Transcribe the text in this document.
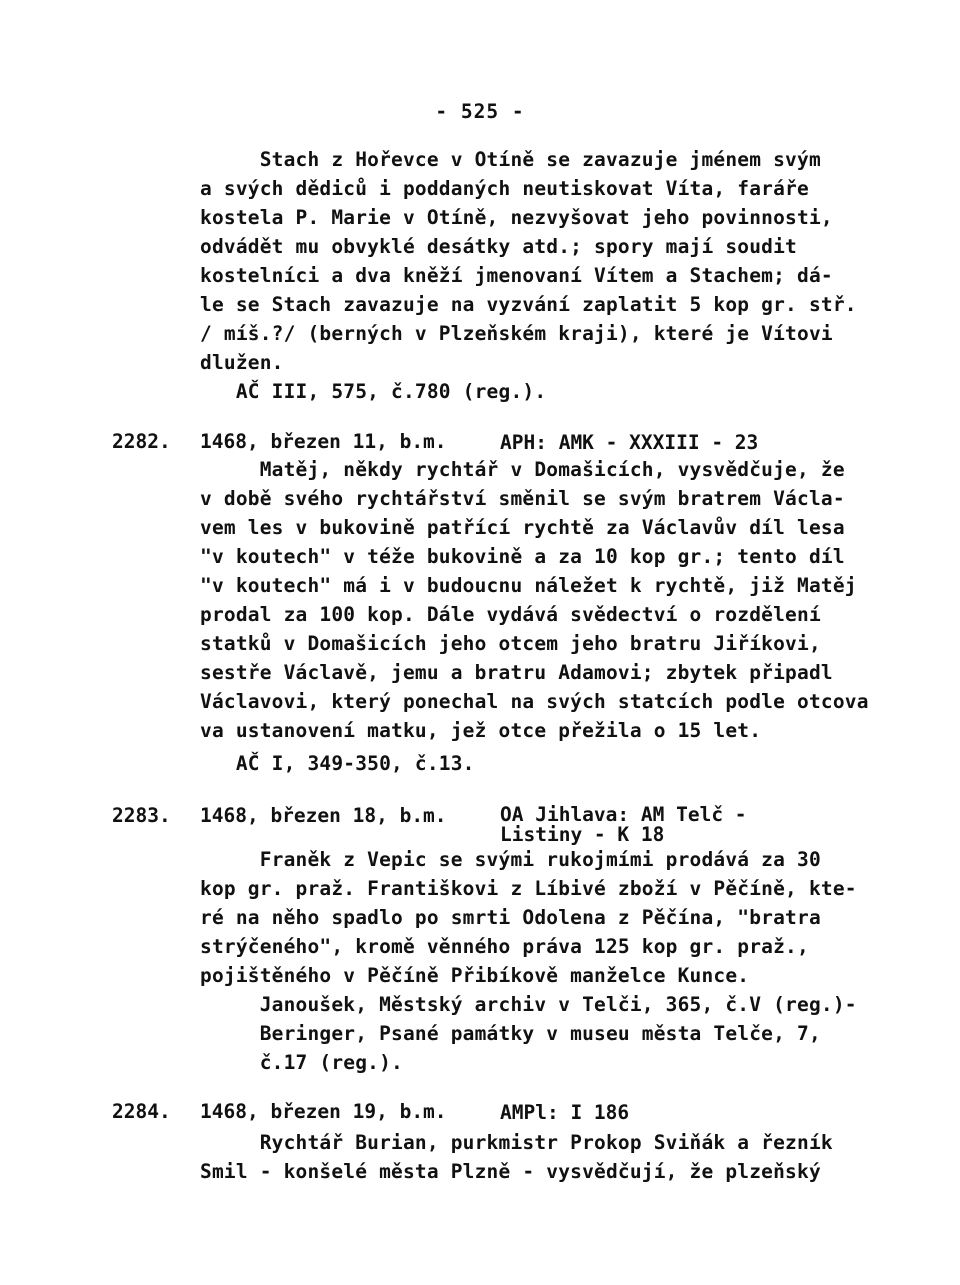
- 525 -
Stach z Hořevce v Otíně se zavazuje jménem svým
a svých dědiců i poddaných neutiskovat Víta, faráře
kostela P. Marie v Otíně, nezvyšovat jeho povinnosti,
odvádět mu obvyklé desátky atd.; spory mají soudit
kostelníci a dva kněží jmenovaní Vítem a Stachem; dá-
le se Stach zavazuje na vyzvání zaplatit 5 kop gr. stř.
/ míš.?/ (berných v Plzeňském kraji), které je Vítovi
dlužen.
AČ III, 575, č.780 (reg.).
2282. 1468, březen 11, b.m.	APH: AMK - XXXIII - 23
Matěj, někdy rychtář v Domašicích, vysvědčuje, že
v době svého rychtářství směnil se svým bratrem Václa-
vem les v bukovině patřící rychtě za Václavův díl lesa
"v koutech" v téže bukovině a za 10 kop gr.; tento díl
"v koutech" má i v budoucnu náležet k rychtě, již Matěj
prodal za 100 kop. Dále vydává svědectví o rozdělení
statků v Domašicích jeho otcem jeho bratru Jiříkovi,
sestře Václavě, jemu a bratru Adamovi; zbytek připadl
Václavovi, který ponechal na svých statcích podle otcova
va ustanovení matku, jež otce přežila o 15 let.
AČ I, 349-350, č.13.
2283. 1468, březen 18, b.m.	OA Jihlava: AM Telč -
Listiny - K 18
Franěk z Vepic se svými rukojmími prodává za 30
kop gr. praž. Františkovi z Líbivé zboží v Pěčíně, kte-
ré na něho spadlo po smrti Odolena z Pěčína, "bratra
strýčeného", kromě věnného práva 125 kop gr. praž.,
pojištěného v Pěčíně Přibíkově manželce Kunce.
Janoušek, Městský archiv v Telči, 365, č.V (reg.)-
Beringer, Psané památky v museu města Telče, 7,
č.17 (reg.).
2284. 1468, březen 19, b.m.	AMPl: I 186
Rychtář Burian, purkmistr Prokop Sviňák a řezník
Smil - konšelé města Plzně - vysvědčují, že plzeňský
